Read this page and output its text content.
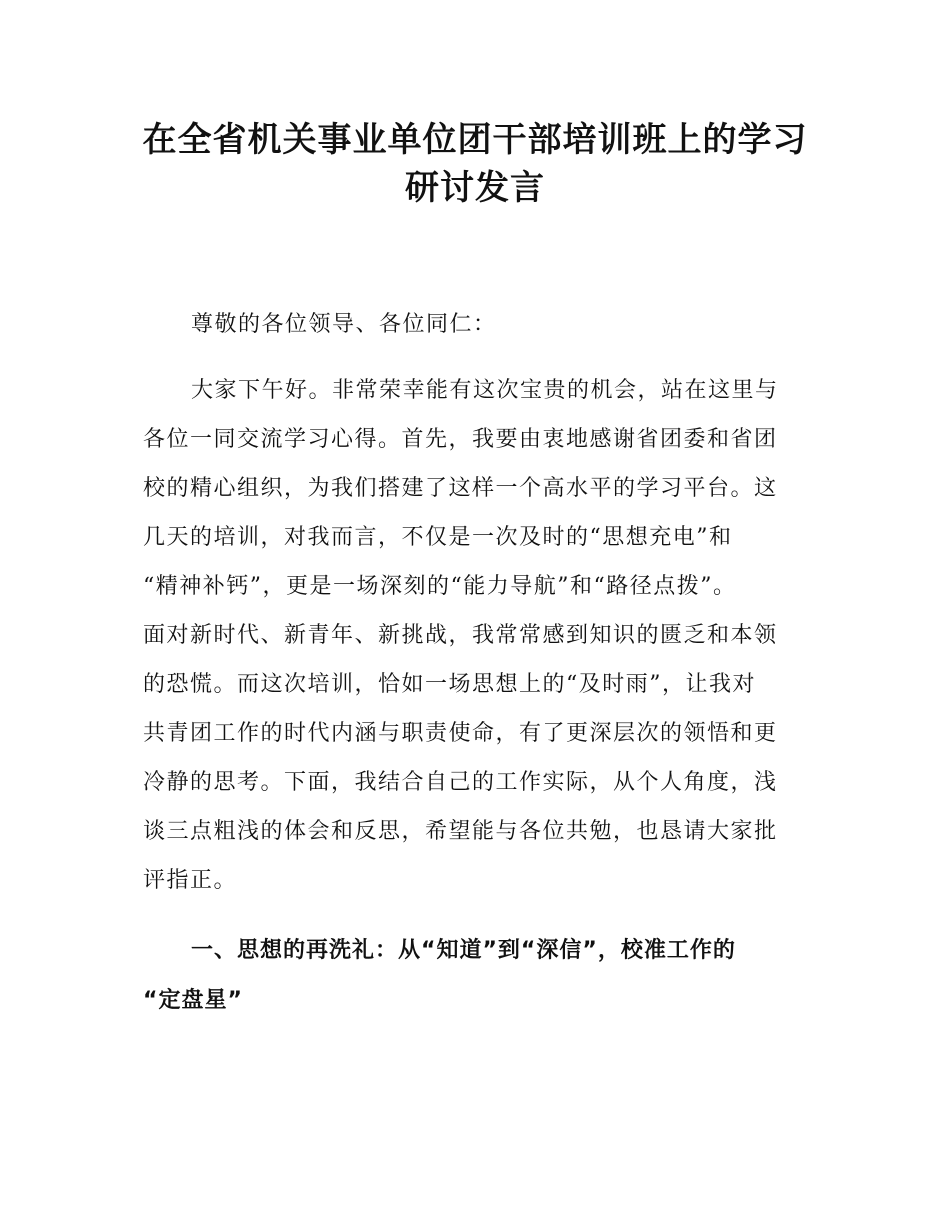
在全省机关事业单位团干部培训班上的学习
研讨发言

尊敬的各位领导、各位同仁：

大家下午好。非常荣幸能有这次宝贵的机会，站在这里与
各位一同交流学习心得。首先，我要由衷地感谢省团委和省团
校的精心组织，为我们搭建了这样一个高水平的学习平台。这
几天的培训，对我而言，不仅是一次及时的“思想充电”和
“精神补钙”，更是一场深刻的“能力导航”和“路径点拨”。
面对新时代、新青年、新挑战，我常常感到知识的匮乏和本领
的恐慌。而这次培训，恰如一场思想上的“及时雨”，让我对
共青团工作的时代内涵与职责使命，有了更深层次的领悟和更
冷静的思考。下面，我结合自己的工作实际，从个人角度，浅
谈三点粗浅的体会和反思，希望能与各位共勉，也恳请大家批
评指正。

一、思想的再洗礼：从“知道”到“深信”，校准工作的
“定盘星”
